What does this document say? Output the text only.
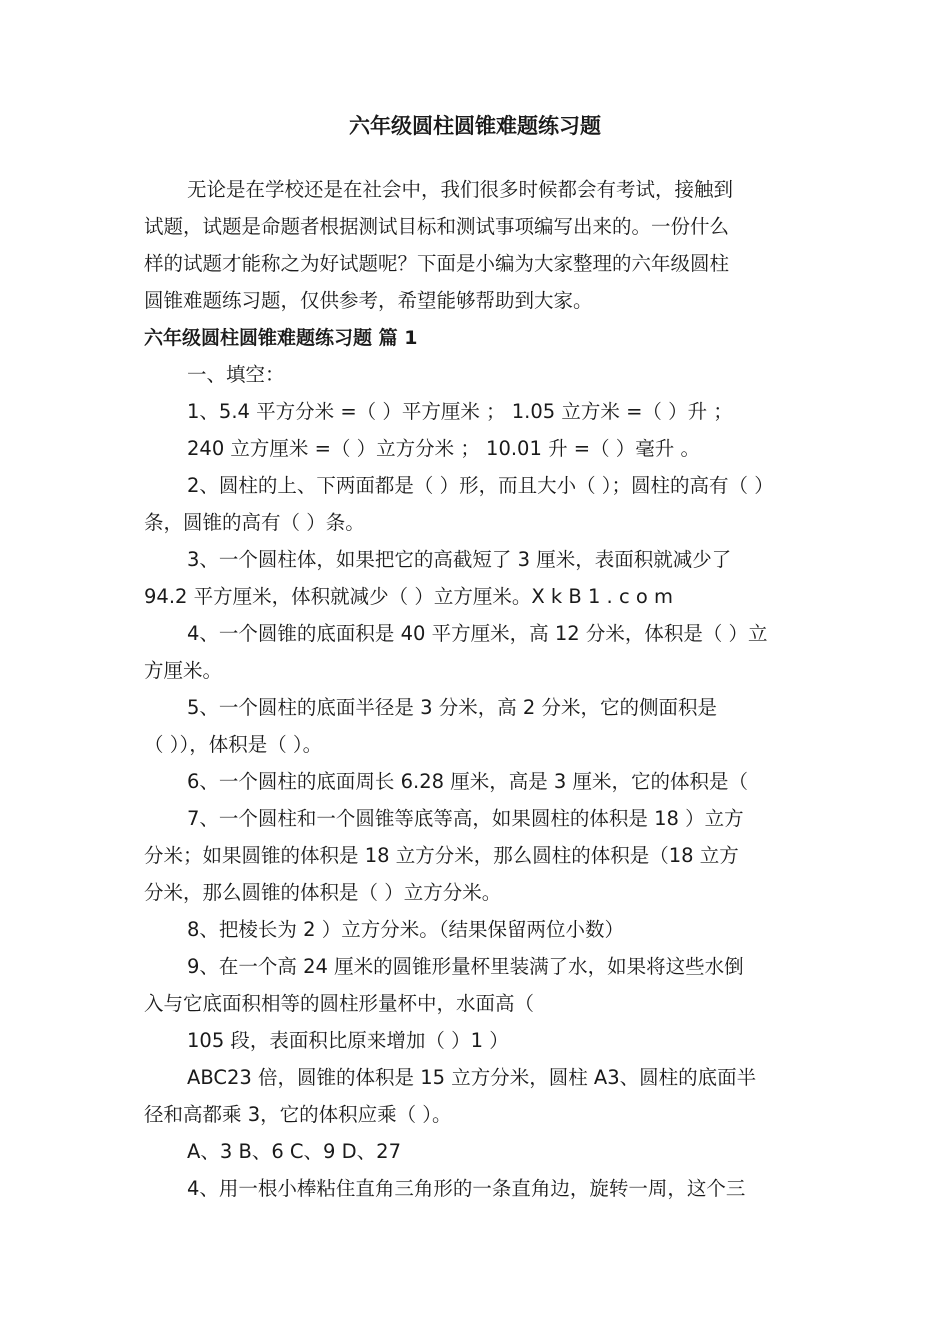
六年级圆柱圆锥难题练习题
无论是在学校还是在社会中，我们很多时候都会有考试，接触到
试题，试题是命题者根据测试目标和测试事项编写出来的。一份什么
样的试题才能称之为好试题呢？下面是小编为大家整理的六年级圆柱
圆锥难题练习题，仅供参考，希望能够帮助到大家。
六年级圆柱圆锥难题练习题 篇 1
一、填空：
1、5.4 平方分米 =（ ）平方厘米 ； 1.05 立方米 =（ ）升 ；
240 立方厘米 =（ ）立方分米 ； 10.01 升 =（ ）毫升 。
2、圆柱的上、下两面都是（ ）形，而且大小（ ）；圆柱的高有（ ）
条，圆锥的高有（ ）条。
3、一个圆柱体，如果把它的高截短了 3 厘米，表面积就减少了
94.2 平方厘米，体积就减少（ ）立方厘米。X k B 1 . c o m
4、一个圆锥的底面积是 40 平方厘米，高 12 分米，体积是（ ）立
方厘米。
5、一个圆柱的底面半径是 3 分米，高 2 分米，它的侧面积是
（ ）），体积是（ ）。
6、一个圆柱的底面周长 6.28 厘米，高是 3 厘米，它的体积是（
7、一个圆柱和一个圆锥等底等高，如果圆柱的体积是 18 ）立方
分米；如果圆锥的体积是 18 立方分米，那么圆柱的体积是（18 立方
分米，那么圆锥的体积是（ ）立方分米。
8、把棱长为 2 ）立方分米。（结果保留两位小数）
9、在一个高 24 厘米的圆锥形量杯里装满了水，如果将这些水倒
入与它底面积相等的圆柱形量杯中，水面高（
105 段，表面积比原来增加（ ）1 ）
ABC23 倍，圆锥的体积是 15 立方分米，圆柱 A3、圆柱的底面半
径和高都乘 3，它的体积应乘（ ）。
A、3 B、6 C、9 D、27
4、用一根小棒粘住直角三角形的一条直角边，旋转一周，这个三
